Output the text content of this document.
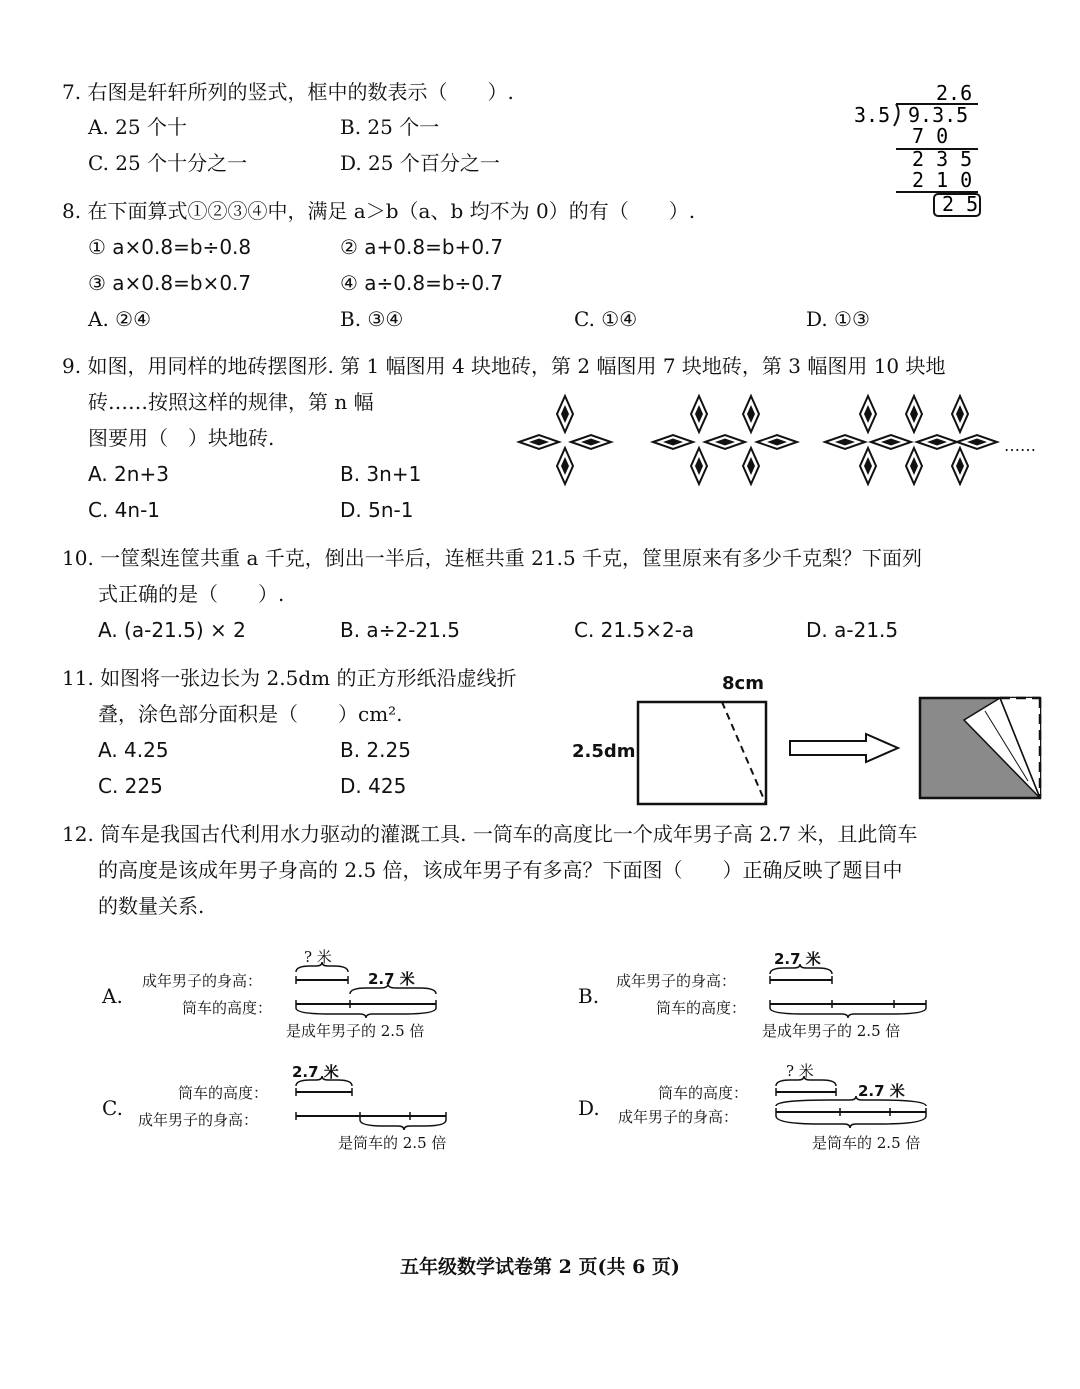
7. 右图是轩轩所列的竖式，框中的数表示（　　）.
A. 25 个十	B. 25 个一
C. 25 个十分之一	D. 25 个百分之一
2.6
3.5 9.3.5
7 0
2 3 5
2 1 0
2 5
8. 在下面算式①②③④中，满足 a＞b（a、b 均不为 0）的有（　　）.
① a×0.8=b÷0.8	② a+0.8=b+0.7
③ a×0.8=b×0.7	④ a÷0.8=b÷0.7
A. ②④	B. ③④	C. ①④	D. ①③
9. 如图，用同样的地砖摆图形. 第 1 幅图用 4 块地砖，第 2 幅图用 7 块地砖，第 3 幅图用 10 块地
砖……按照这样的规律，第 n 幅
图要用（　）块地砖.
A. 2n+3	B. 3n+1
C. 4n-1	D. 5n-1
……
10. 一筐梨连筐共重 a 千克，倒出一半后，连框共重 21.5 千克，筐里原来有多少千克梨？下面列
式正确的是（　　）.
A. (a-21.5) × 2	B. a÷2-21.5	C. 21.5×2-a	D. a-21.5
11. 如图将一张边长为 2.5dm 的正方形纸沿虚线折
叠，涂色部分面积是（　　）cm².
A. 4.25	B. 2.25
C. 225	D. 425
8cm
2.5dm
12. 筒车是我国古代利用水力驱动的灌溉工具. 一筒车的高度比一个成年男子高 2.7 米，且此筒车
的高度是该成年男子身高的 2.5 倍，该成年男子有多高？下面图（　　）正确反映了题目中
的数量关系.
A.
成年男子的身高：
筒车的高度：
? 米
2.7 米
是成年男子的 2.5 倍
B.
成年男子的身高：
筒车的高度：
2.7 米
是成年男子的 2.5 倍
C.
筒车的高度：
成年男子的身高：
2.7 米
是筒车的 2.5 倍
D.
筒车的高度：
成年男子的身高：
? 米
2.7 米
是筒车的 2.5 倍
五年级数学试卷第 2 页(共 6 页)
